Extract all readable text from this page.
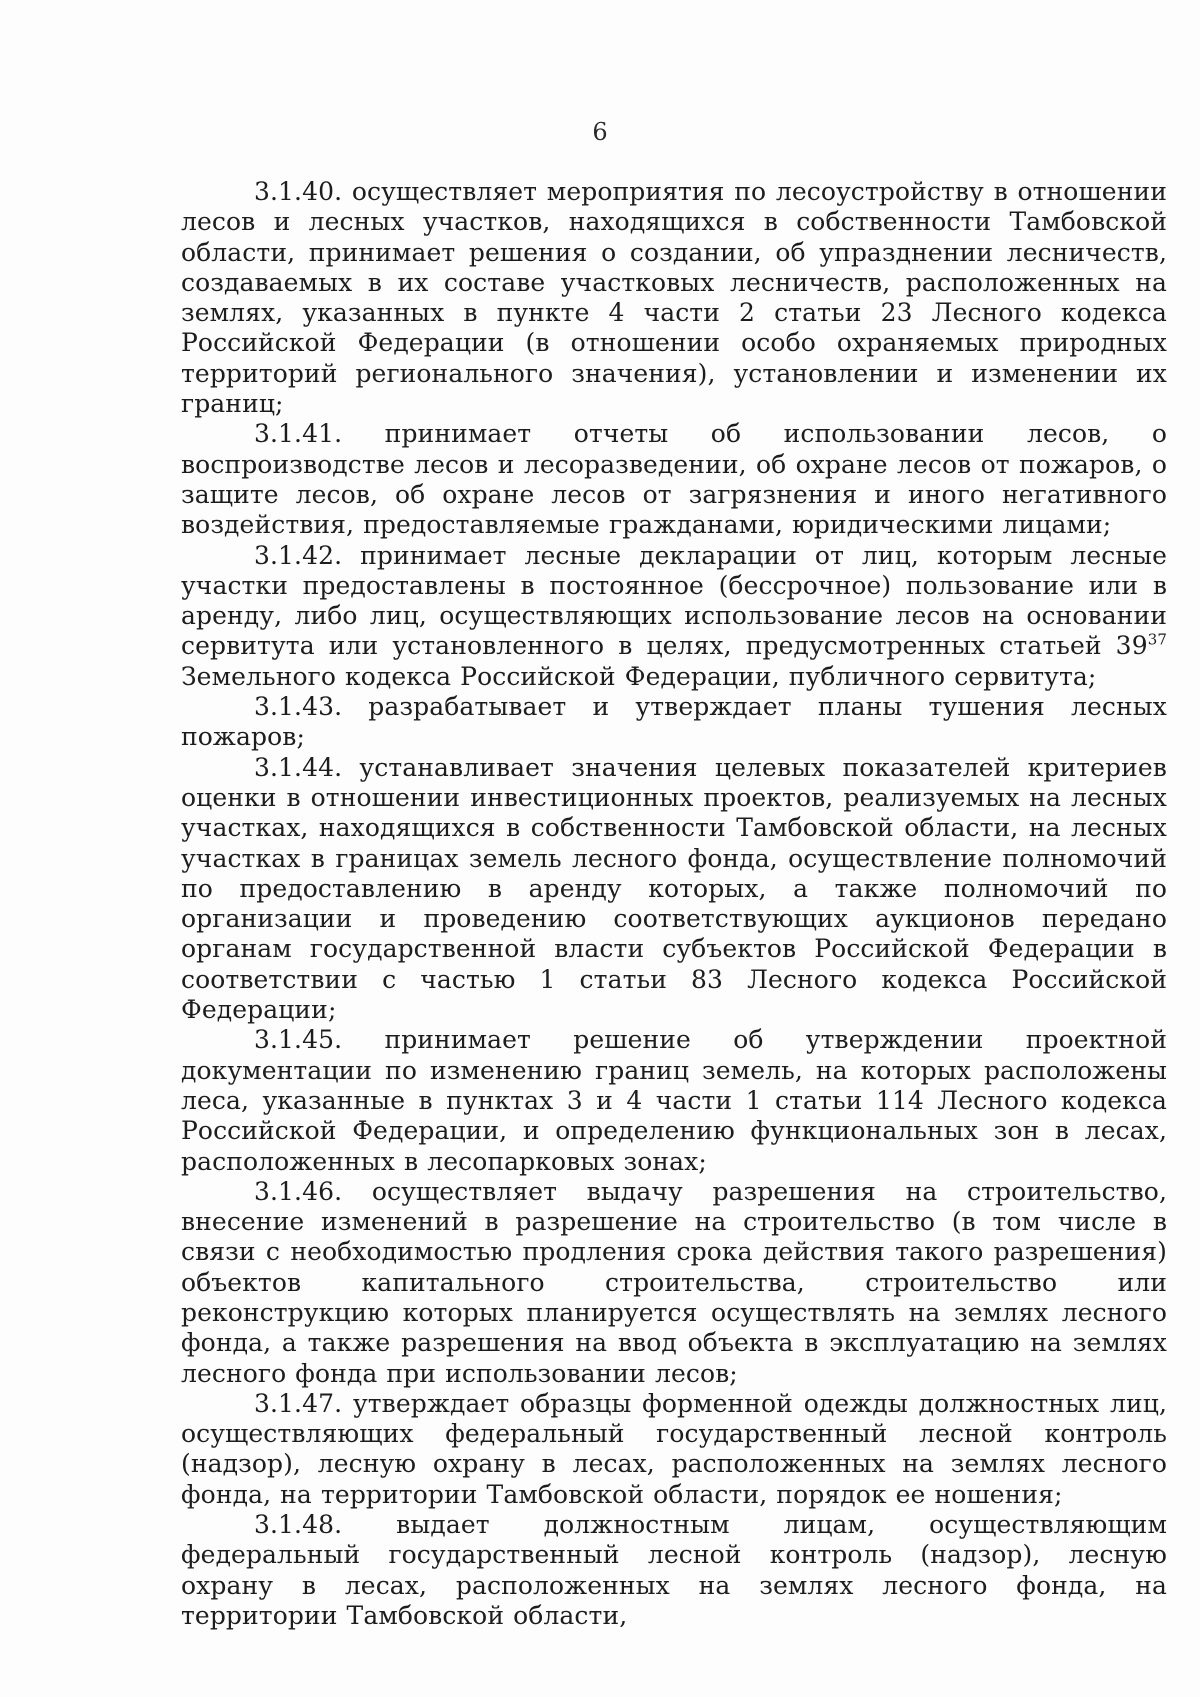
6

3.1.40. осуществляет мероприятия по лесоустройству в отношении лесов и лесных участков, находящихся в собственности Тамбовской области, принимает решения о создании, об упразднении лесничеств, создаваемых в их составе участковых лесничеств, расположенных на землях, указанных в пункте 4 части 2 статьи 23 Лесного кодекса Российской Федерации (в отношении особо охраняемых природных территорий регионального значения), установлении и изменении их границ;

3.1.41. принимает отчеты об использовании лесов, о воспроизводстве лесов и лесоразведении, об охране лесов от пожаров, о защите лесов, об охране лесов от загрязнения и иного негативного воздействия, предоставляемые гражданами, юридическими лицами;

3.1.42. принимает лесные декларации от лиц, которым лесные участки предоставлены в постоянное (бессрочное) пользование или в аренду, либо лиц, осуществляющих использование лесов на основании сервитута или установленного в целях, предусмотренных статьей $39^{37}$ Земельного кодекса Российской Федерации, публичного сервитута;

3.1.43. разрабатывает и утверждает планы тушения лесных пожаров;

3.1.44. устанавливает значения целевых показателей критериев оценки в отношении инвестиционных проектов, реализуемых на лесных участках, находящихся в собственности Тамбовской области, на лесных участках в границах земель лесного фонда, осуществление полномочий по предоставлению в аренду которых, а также полномочий по организации и проведению соответствующих аукционов передано органам государственной власти субъектов Российской Федерации в соответствии с частью 1 статьи 83 Лесного кодекса Российской Федерации;

3.1.45. принимает решение об утверждении проектной документации по изменению границ земель, на которых расположены леса, указанные в пунктах 3 и 4 части 1 статьи 114 Лесного кодекса Российской Федерации, и определению функциональных зон в лесах, расположенных в лесопарковых зонах;

3.1.46. осуществляет выдачу разрешения на строительство, внесение изменений в разрешение на строительство (в том числе в связи с необходимостью продления срока действия такого разрешения) объектов капитального строительства, строительство или реконструкцию которых планируется осуществлять на землях лесного фонда, а также разрешения на ввод объекта в эксплуатацию на землях лесного фонда при использовании лесов;

3.1.47. утверждает образцы форменной одежды должностных лиц, осуществляющих федеральный государственный лесной контроль (надзор), лесную охрану в лесах, расположенных на землях лесного фонда, на территории Тамбовской области, порядок ее ношения;

3.1.48. выдает должностным лицам, осуществляющим федеральный государственный лесной контроль (надзор), лесную охрану в лесах, расположенных на землях лесного фонда, на территории Тамбовской области,
